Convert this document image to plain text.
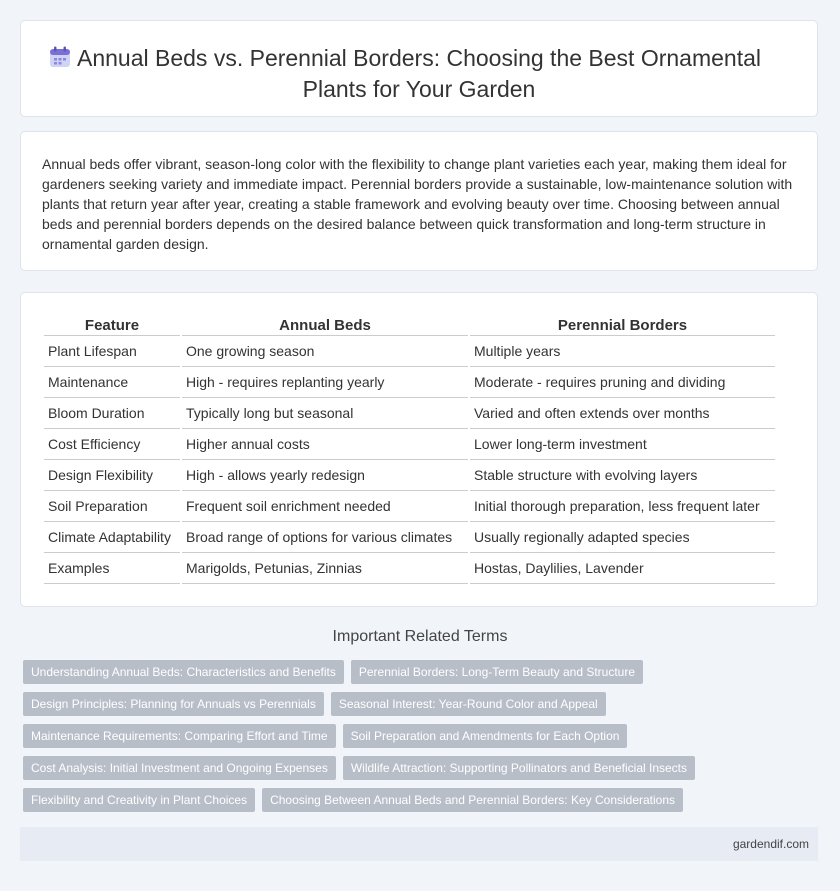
Annual Beds vs. Perennial Borders: Choosing the Best Ornamental Plants for Your Garden

Annual beds offer vibrant, season-long color with the flexibility to change plant varieties each year, making them ideal for gardeners seeking variety and immediate impact. Perennial borders provide a sustainable, low-maintenance solution with plants that return year after year, creating a stable framework and evolving beauty over time. Choosing between annual beds and perennial borders depends on the desired balance between quick transformation and long-term structure in ornamental garden design.

Feature	Annual Beds	Perennial Borders
Plant Lifespan	One growing season	Multiple years
Maintenance	High - requires replanting yearly	Moderate - requires pruning and dividing
Bloom Duration	Typically long but seasonal	Varied and often extends over months
Cost Efficiency	Higher annual costs	Lower long-term investment
Design Flexibility	High - allows yearly redesign	Stable structure with evolving layers
Soil Preparation	Frequent soil enrichment needed	Initial thorough preparation, less frequent later
Climate Adaptability	Broad range of options for various climates	Usually regionally adapted species
Examples	Marigolds, Petunias, Zinnias	Hostas, Daylilies, Lavender
Important Related Terms
Understanding Annual Beds: Characteristics and Benefits Perennial Borders: Long-Term Beauty and Structure
Design Principles: Planning for Annuals vs Perennials Seasonal Interest: Year-Round Color and Appeal
Maintenance Requirements: Comparing Effort and Time Soil Preparation and Amendments for Each Option
Cost Analysis: Initial Investment and Ongoing Expenses Wildlife Attraction: Supporting Pollinators and Beneficial Insects
Flexibility and Creativity in Plant Choices Choosing Between Annual Beds and Perennial Borders: Key Considerations
gardendif.com
